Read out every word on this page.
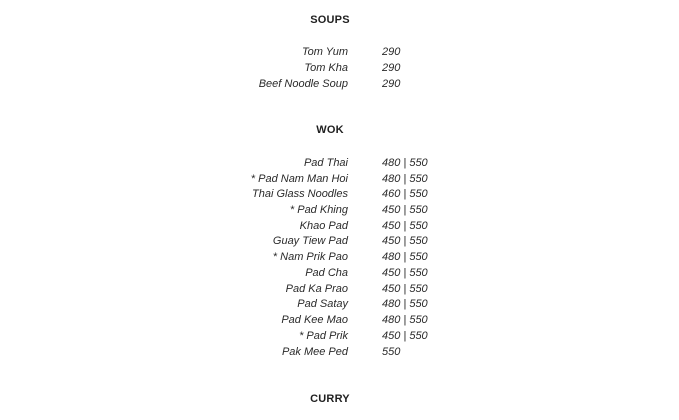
SOUPS
Tom Yum	290
Tom Kha	290
Beef Noodle Soup	290
WOK
Pad Thai	480 | 550
* Pad Nam Man Hoi	480 | 550
Thai Glass Noodles	460 | 550
* Pad Khing	450 | 550
Khao Pad	450 | 550
Guay Tiew Pad	450 | 550
* Nam Prik Pao	480 | 550
Pad Cha	450 | 550
Pad Ka Prao	450 | 550
Pad Satay	480 | 550
Pad Kee Mao	480 | 550
* Pad Prik	450 | 550
Pak Mee Ped	550
CURRY
